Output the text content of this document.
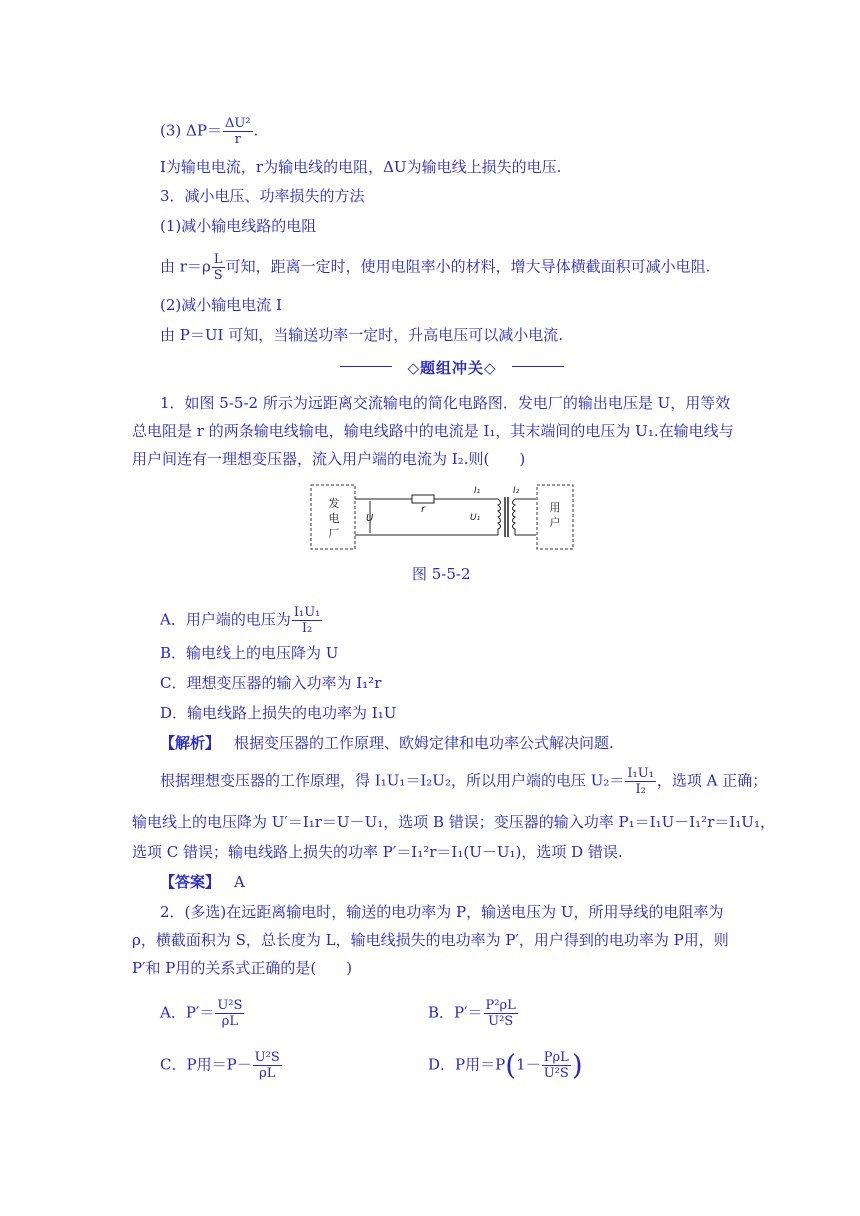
(3) $\Delta P= \frac{\text{ΔU²}}{r}$ .
I为输电电流，r为输电线的电阻，ΔU为输电线上损失的电压.
3．减小电压、功率损失的方法
(1)减小输电线路的电阻
由 $r=\rho \frac{L}{S}$ 可知，距离一定时，使用电阻率小的材料，增大导体横截面积可减小电阻.
(2)减小输电电流 I
由 P＝UI 可知，当输送功率一定时，升高电压可以减小电流.
◇题组冲关◇
1．如图 5-5-2 所示为远距离交流输电的简化电路图．发电厂的输出电压是 U，用等效
总电阻是 r 的两条输电线输电，输电线路中的电流是 I₁，其末端间的电压为 U₁.在输电线与
用户间连有一理想变压器，流入用户端的电流为 I₂.则(　　)
发
电
厂
r
U
I₁
U₁
I₂
用
户
图 5-5-2
A．用户端的电压为 $\frac{\text{I₁U₁}}{\text{I₂}}$
B．输电线上的电压降为 U
C．理想变压器的输入功率为 I₁²r
D．输电线路上损失的电功率为 I₁U
【解析】 根据变压器的工作原理、欧姆定律和电功率公式解决问题.
根据理想变压器的工作原理，得 I₁U₁＝I₂U₂，所以用户端的电压 $U_2= \frac{\text{I₁U₁}}{\text{I₂}}$ ，选项 A 正确；
输电线上的电压降为 U′＝I₁r＝U－U₁，选项 B 错误；变压器的输入功率 P₁＝I₁U－I₁²r＝I₁U₁，
选项 C 错误；输电线路上损失的功率 P′＝I₁²r＝I₁(U－U₁)，选项 D 错误.
【答案】 A
2．(多选)在远距离输电时，输送的电功率为 P，输送电压为 U，所用导线的电阻率为
ρ，横截面积为 S，总长度为 L，输电线损失的电功率为 P′，用户得到的电功率为 P用，则
P′和 P用的关系式正确的是(　　)
A．$P'= \frac{\text{U²S}}{\rho L}$	B．$P'= \frac{\text{P²ρL}}{\text{U²S}}$
C．P用$=P- \frac{\text{U²S}}{\rho L}$	D．P用$=P(1- \frac{\text{PρL}}{\text{U²S}}$ )
